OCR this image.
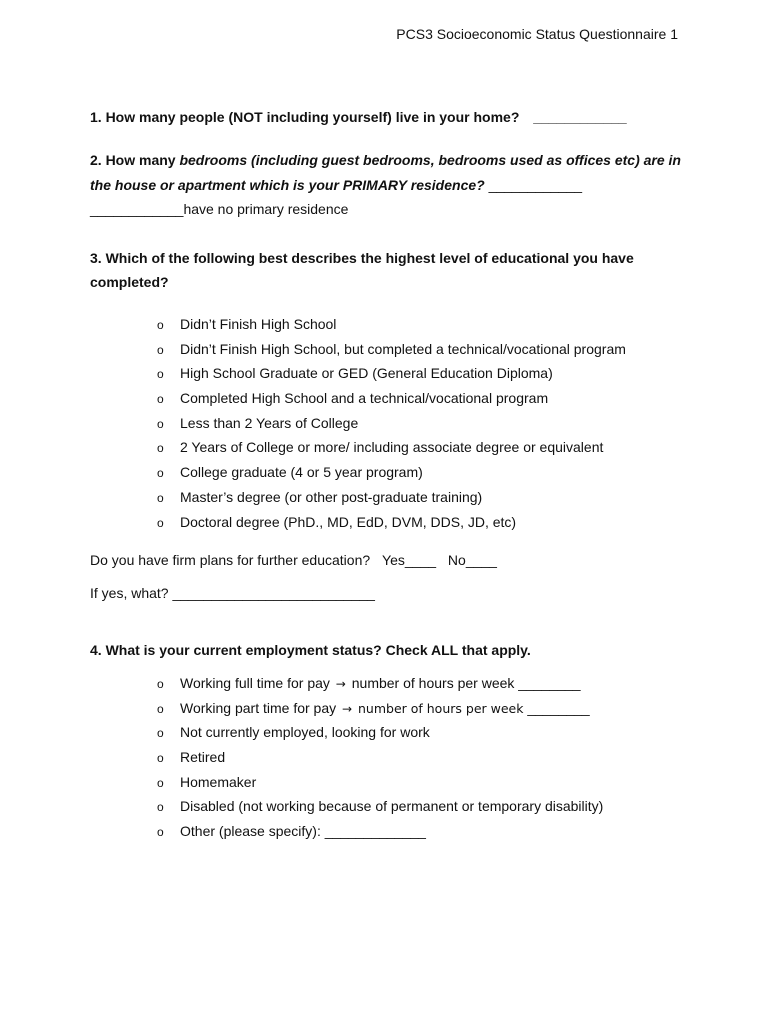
PCS3 Socioeconomic Status Questionnaire 1
1. How many people (NOT including yourself) live in your home? ____________
2. How many bedrooms (including guest bedrooms, bedrooms used as offices etc) are in
the house or apartment which is your PRIMARY residence? ____________
____________have no primary residence
3. Which of the following best describes the highest level of educational you have
completed?
o Didn’t Finish High School
o Didn’t Finish High School, but completed a technical/vocational program
o High School Graduate or GED (General Education Diploma)
o Completed High School and a technical/vocational program
o Less than 2 Years of College
o 2 Years of College or more/ including associate degree or equivalent
o College graduate (4 or 5 year program)
o Master’s degree (or other post-graduate training)
o Doctoral degree (PhD., MD, EdD, DVM, DDS, JD, etc)
Do you have firm plans for further education? Yes____ No____
If yes, what? __________________________
4. What is your current employment status? Check ALL that apply.
o Working full time for pay → number of hours per week ________
o Working part time for pay → number of hours per week ________
o Not currently employed, looking for work
o Retired
o Homemaker
o Disabled (not working because of permanent or temporary disability)
o Other (please specify): _____________
